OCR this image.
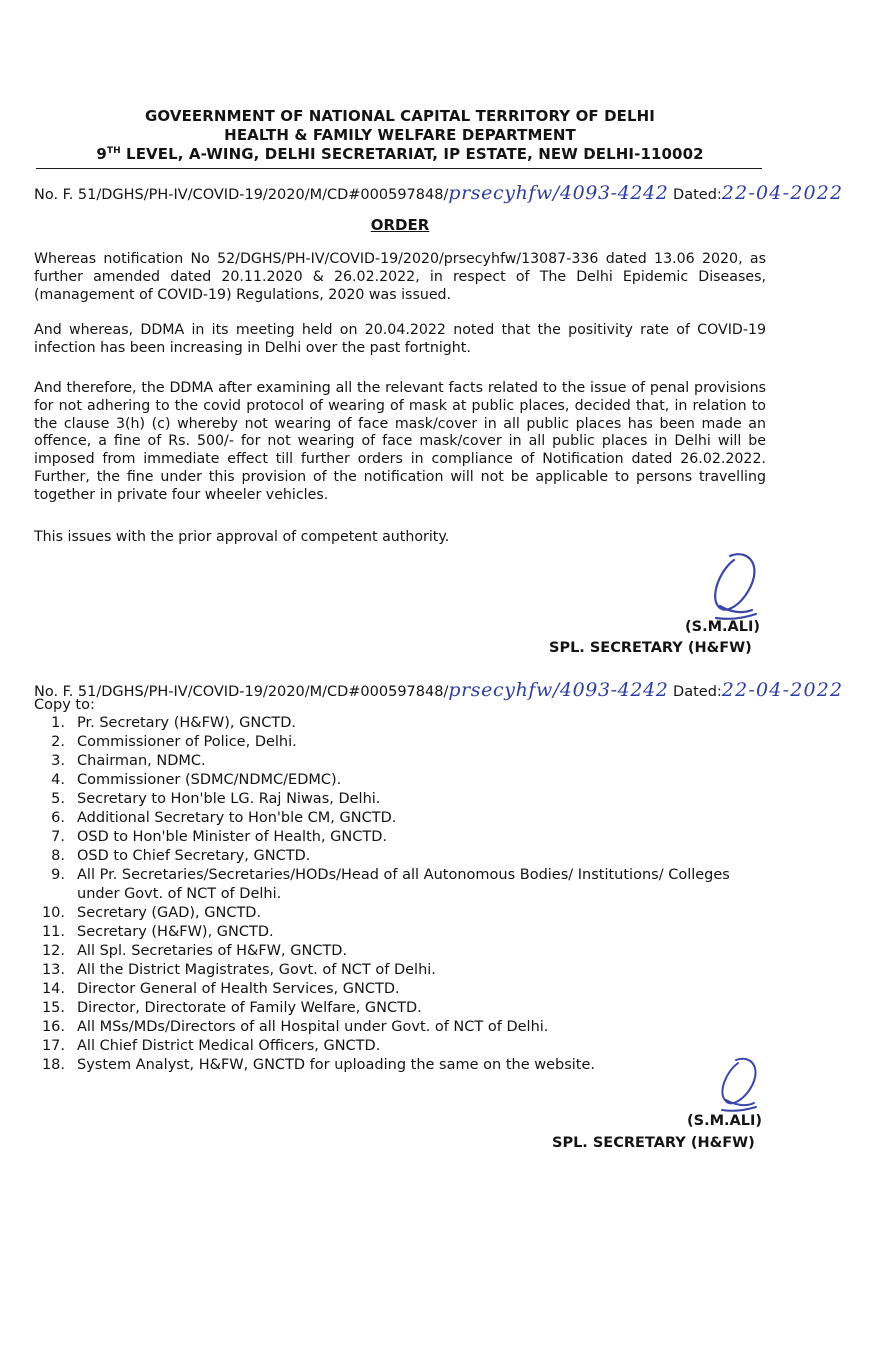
GOVEERNMENT OF NATIONAL CAPITAL TERRITORY OF DELHI
HEALTH & FAMILY WELFARE DEPARTMENT
9TH LEVEL, A-WING, DELHI SECRETARIAT, IP ESTATE, NEW DELHI-110002
No. F. 51/DGHS/PH-IV/COVID-19/2020/M/CD#000597848/prsecyhfw/4093-4242 Dated:22-04-2022
ORDER

Whereas notification No 52/DGHS/PH-IV/COVID-19/2020/prsecyhfw/13087-336 dated 13.06 2020, as further amended dated 20.11.2020 & 26.02.2022, in respect of The Delhi Epidemic Diseases, (management of COVID-19) Regulations, 2020 was issued.

And whereas, DDMA in its meeting held on 20.04.2022 noted that the positivity rate of COVID-19 infection has been increasing in Delhi over the past fortnight.

And therefore, the DDMA after examining all the relevant facts related to the issue of penal provisions for not adhering to the covid protocol of wearing of mask at public places, decided that, in relation to the clause 3(h) (c) whereby not wearing of face mask/cover in all public places has been made an offence, a fine of Rs. 500/- for not wearing of face mask/cover in all public places in Delhi will be imposed from immediate effect till further orders in compliance of Notification dated 26.02.2022. Further, the fine under this provision of the notification will not be applicable to persons travelling together in private four wheeler vehicles.

This issues with the prior approval of competent authority.

(S.M.ALI)
SPL. SECRETARY (H&FW)
No. F. 51/DGHS/PH-IV/COVID-19/2020/M/CD#000597848/prsecyhfw/4093-4242 Dated:22-04-2022
Copy to:
1. Pr. Secretary (H&FW), GNCTD.
2. Commissioner of Police, Delhi.
3. Chairman, NDMC.
4. Commissioner (SDMC/NDMC/EDMC).
5. Secretary to Hon'ble LG. Raj Niwas, Delhi.
6. Additional Secretary to Hon'ble CM, GNCTD.
7. OSD to Hon'ble Minister of Health, GNCTD.
8. OSD to Chief Secretary, GNCTD.
9. All Pr. Secretaries/Secretaries/HODs/Head of all Autonomous Bodies/ Institutions/ Colleges under Govt. of NCT of Delhi.
10. Secretary (GAD), GNCTD.
11. Secretary (H&FW), GNCTD.
12. All Spl. Secretaries of H&FW, GNCTD.
13. All the District Magistrates, Govt. of NCT of Delhi.
14. Director General of Health Services, GNCTD.
15. Director, Directorate of Family Welfare, GNCTD.
16. All MSs/MDs/Directors of all Hospital under Govt. of NCT of Delhi.
17. All Chief District Medical Officers, GNCTD.
18. System Analyst, H&FW, GNCTD for uploading the same on the website.
(S.M.ALI)
SPL. SECRETARY (H&FW)
